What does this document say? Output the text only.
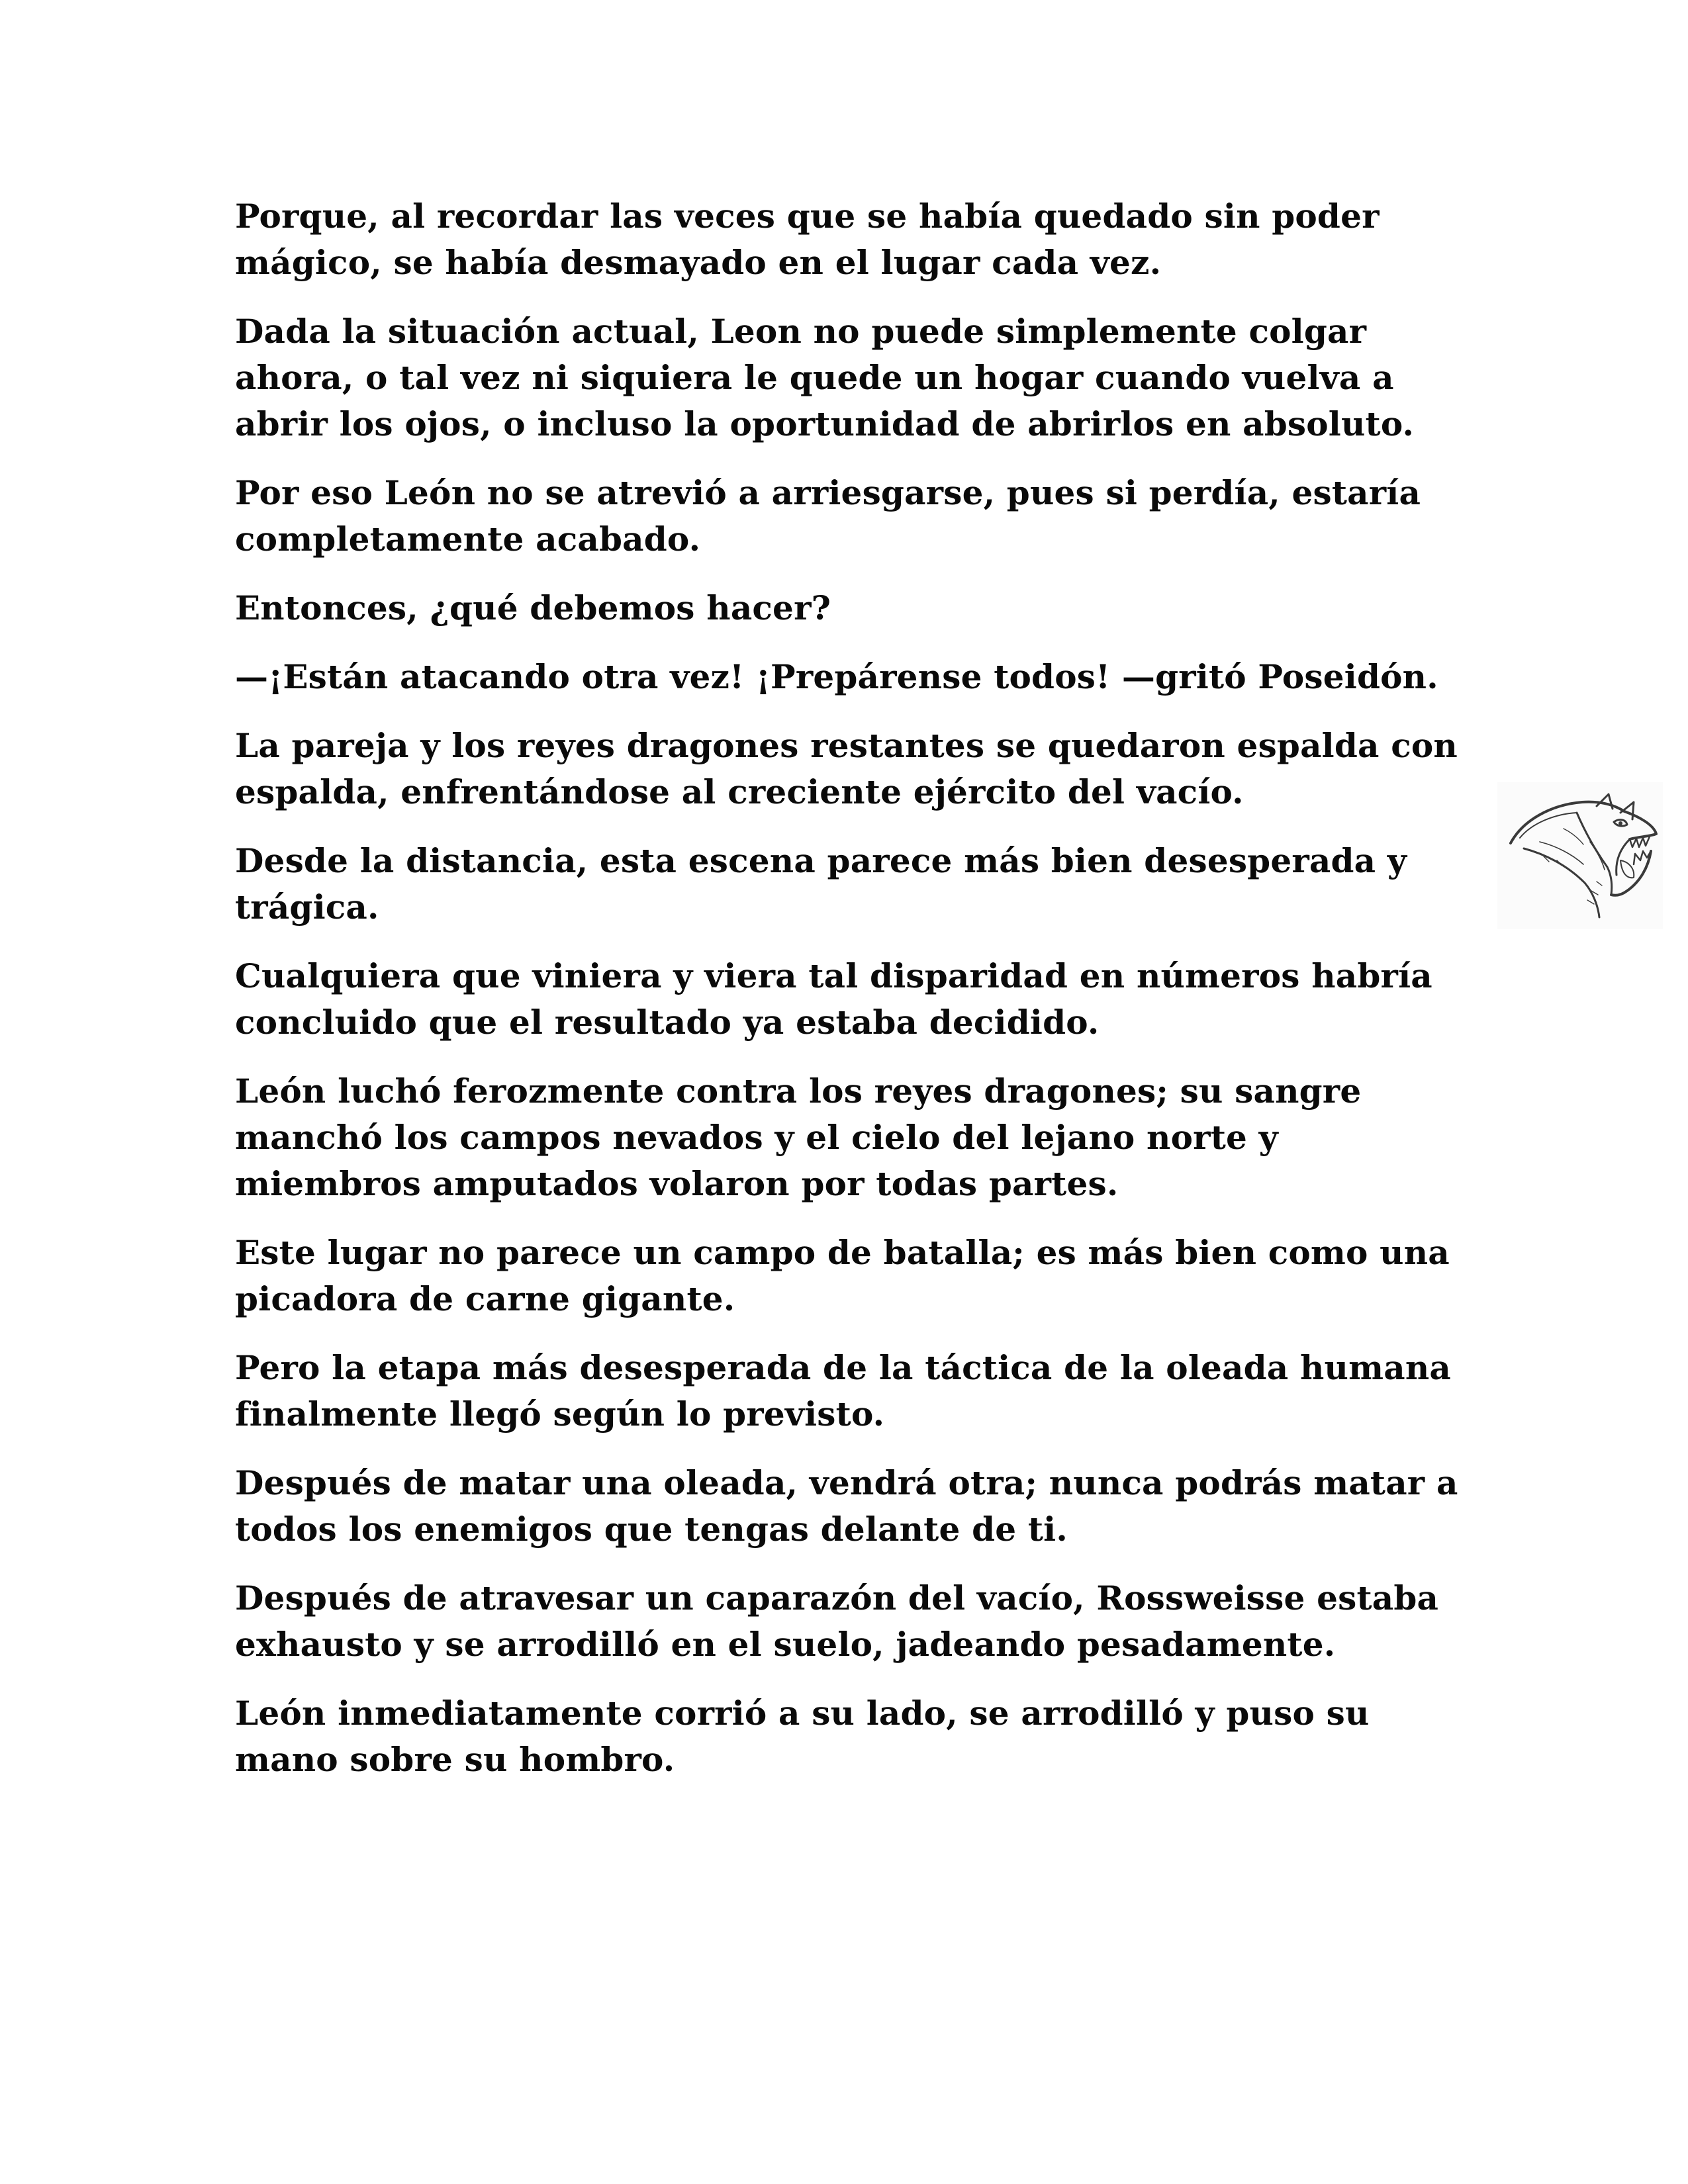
Porque, al recordar las veces que se había quedado sin poder mágico, se había desmayado en el lugar cada vez.

Dada la situación actual, Leon no puede simplemente colgar ahora, o tal vez ni siquiera le quede un hogar cuando vuelva a abrir los ojos, o incluso la oportunidad de abrirlos en absoluto.

Por eso León no se atrevió a arriesgarse, pues si perdía, estaría completamente acabado.

Entonces, ¿qué debemos hacer?

—¡Están atacando otra vez! ¡Prepárense todos! —gritó Poseidón.

La pareja y los reyes dragones restantes se quedaron espalda con espalda, enfrentándose al creciente ejército del vacío.

Desde la distancia, esta escena parece más bien desesperada y trágica.

Cualquiera que viniera y viera tal disparidad en números habría concluido que el resultado ya estaba decidido.

León luchó ferozmente contra los reyes dragones; su sangre manchó los campos nevados y el cielo del lejano norte y miembros amputados volaron por todas partes.

Este lugar no parece un campo de batalla; es más bien como una picadora de carne gigante.

Pero la etapa más desesperada de la táctica de la oleada humana finalmente llegó según lo previsto.

Después de matar una oleada, vendrá otra; nunca podrás matar a todos los enemigos que tengas delante de ti.

Después de atravesar un caparazón del vacío, Rossweisse estaba exhausto y se arrodilló en el suelo, jadeando pesadamente.

León inmediatamente corrió a su lado, se arrodilló y puso su mano sobre su hombro.
